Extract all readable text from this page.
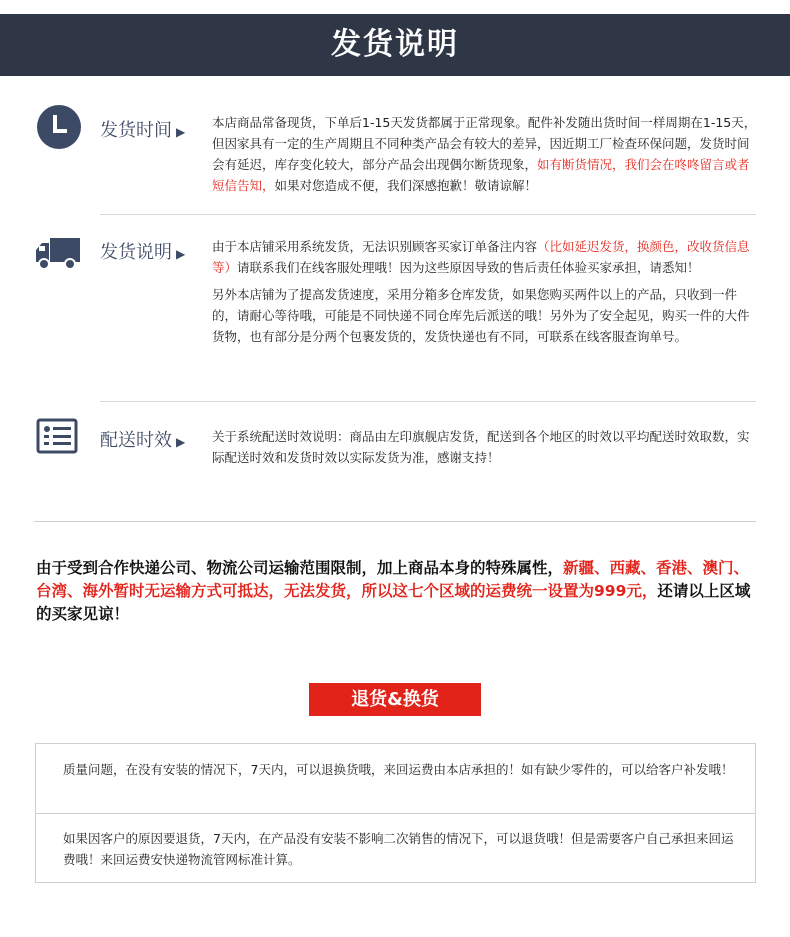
发货说明
发货时间 ▶
本店商品常备现货，下单后1-15天发货都属于正常现象。配件补发随出货时间一样周期在1-15天，但因家具有一定的生产周期且不同种类产品会有较大的差异，因近期工厂检查环保问题，发货时间会有延迟，库存变化较大，部分产品会出现偶尔断货现象，如有断货情况，我们会在咚咚留言或者短信告知，如果对您造成不便，我们深感抱歉！敬请谅解！
发货说明 ▶ 由于本店铺采用系统发货，无法识别顾客买家订单备注内容（比如延迟发货，换颜色，改收货信息等）请联系我们在线客服处理哦！因为这些原因导致的售后责任体验买家承担，请悉知！
另外本店铺为了提高发货速度，采用分箱多仓库发货，如果您购买两件以上的产品，只收到一件的，请耐心等待哦，可能是不同快递不同仓库先后派送的哦！另外为了安全起见，购买一件的大件货物，也有部分是分两个包裹发货的，发货快递也有不同，可联系在线客服查询单号。
配送时效 ▶ 关于系统配送时效说明：商品由左印旗舰店发货，配送到各个地区的时效以平均配送时效取数，实际配送时效和发货时效以实际发货为准，感谢支持！
由于受到合作快递公司、物流公司运输范围限制，加上商品本身的特殊属性，新疆、西藏、香港、澳门、台湾、海外暂时无运输方式可抵达，无法发货，所以这七个区域的运费统一设置为999元，还请以上区域的买家见谅！
退货&换货
质量问题，在没有安装的情况下，7天内，可以退换货哦，来回运费由本店承担的！如有缺少零件的，可以给客户补发哦！
如果因客户的原因要退货，7天内，在产品没有安装不影响二次销售的情况下，可以退货哦！但是需要客户自己承担来回运费哦！来回运费安快递物流管网标准计算。
